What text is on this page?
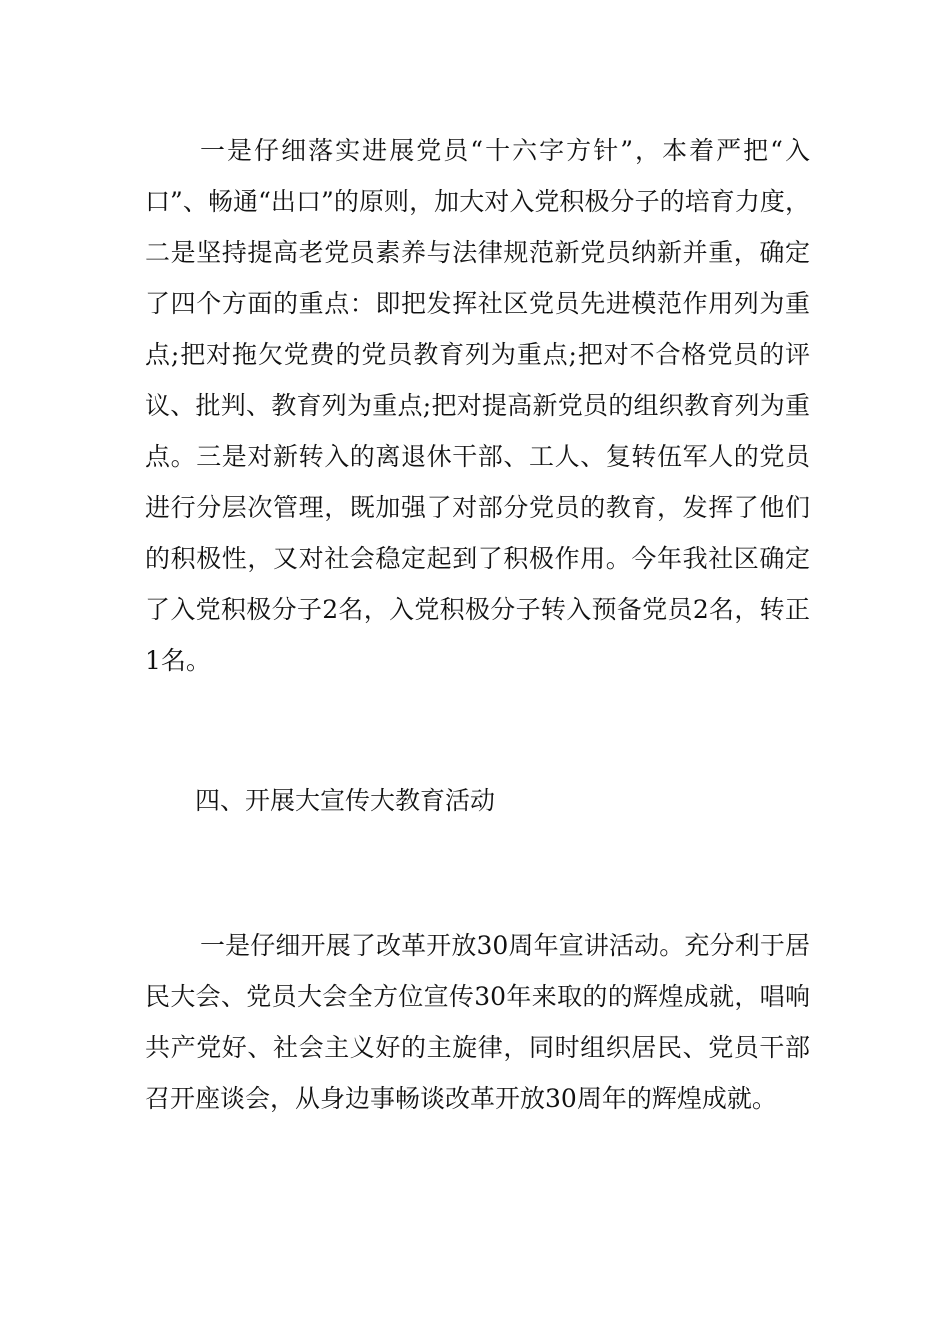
一是仔细落实进展党员“十六字方针”，本着严把“入口”、畅通“出口”的原则，加大对入党积极分子的培育力度，二是坚持提高老党员素养与法律规范新党员纳新并重，确定了四个方面的重点：即把发挥社区党员先进模范作用列为重点;把对拖欠党费的党员教育列为重点;把对不合格党员的评议、批判、教育列为重点;把对提高新党员的组织教育列为重点。三是对新转入的离退休干部、工人、复转伍军人的党员进行分层次管理，既加强了对部分党员的教育，发挥了他们的积极性，又对社会稳定起到了积极作用。今年我社区确定了入党积极分子2名，入党积极分子转入预备党员2名，转正1名。

四、开展大宣传大教育活动

一是仔细开展了改革开放30周年宣讲活动。充分利于居民大会、党员大会全方位宣传30年来取的的辉煌成就，唱响共产党好、社会主义好的主旋律，同时组织居民、党员干部召开座谈会，从身边事畅谈改革开放30周年的辉煌成就。
